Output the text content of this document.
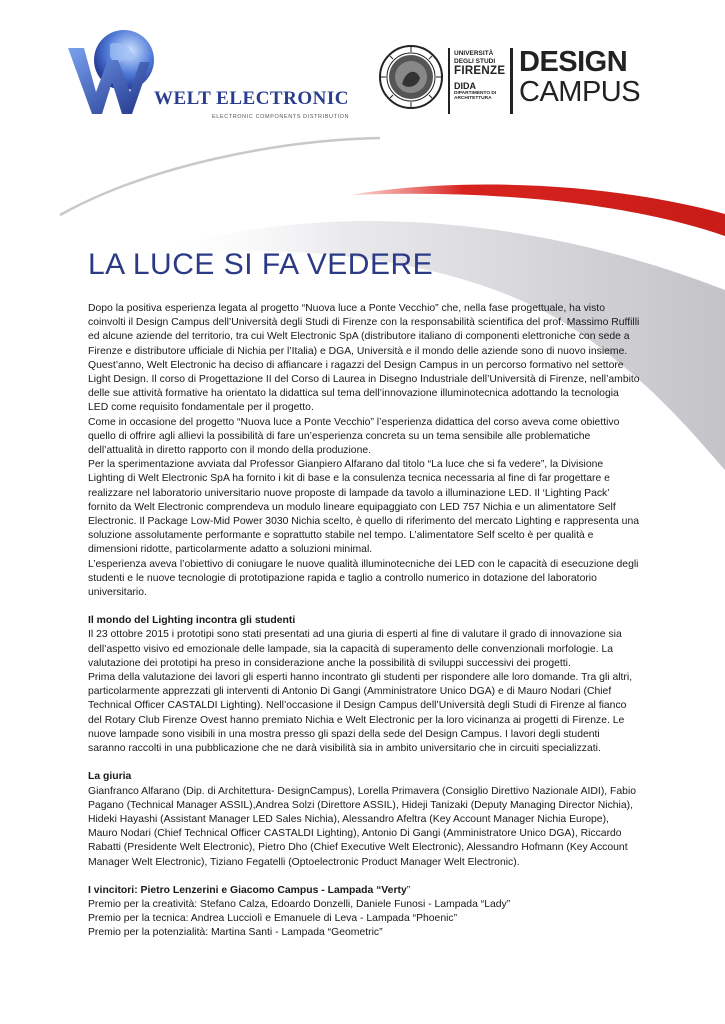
WELT ELECTRONIC
ELECTRONIC COMPONENTS DISTRIBUTION
UNIVERSITÀ
DEGLI STUDI
FIRENZE
DIDA
DIPARTIMENTO DI
ARCHITETTURA
DESIGN
CAMPUS
LA LUCE SI FA VEDERE

Dopo la positiva esperienza legata al progetto “Nuova luce a Ponte Vecchio” che, nella fase progettuale, ha visto coinvolti il Design Campus dell’Università degli Studi di Firenze con la responsabilità scientifica del prof. Massimo Ruffilli ed alcune aziende del territorio, tra cui Welt Electronic SpA (distributore italiano di componenti elettroniche con sede a Firenze e distributore ufficiale di Nichia per l’Italia) e DGA, Università e il mondo delle aziende sono di nuovo insieme.

Quest’anno, Welt Electronic ha deciso di affiancare i ragazzi del Design Campus in un percorso formativo nel settore Light Design. Il corso di Progettazione II del Corso di Laurea in Disegno Industriale dell’Università di Firenze, nell’ambito delle sue attività formative ha orientato la didattica sul tema dell’innovazione illuminotecnica adottando la tecnologia LED come requisito fondamentale per il progetto.

Come in occasione del progetto “Nuova luce a Ponte Vecchio” l’esperienza didattica del corso aveva come obiettivo quello di offrire agli allievi la possibilità di fare un’esperienza concreta su un tema sensibile alle problematiche dell’attualità in diretto rapporto con il mondo della produzione.

Per la sperimentazione avviata dal Professor Gianpiero Alfarano dal titolo “La luce che si fa vedere”, la Divisione Lighting di Welt Electronic SpA ha fornito i kit di base e la consulenza tecnica necessaria al fine di far progettare e realizzare nel laboratorio universitario nuove proposte di lampade da tavolo a illuminazione LED. Il ‘Lighting Pack’ fornito da Welt Electronic comprendeva un modulo lineare equipaggiato con LED 757 Nichia e un alimentatore Self Electronic. Il Package Low-Mid Power 3030 Nichia scelto, è quello di riferimento del mercato Lighting e rappresenta una soluzione assolutamente performante e soprattutto stabile nel tempo. L’alimentatore Self scelto è per qualità e dimensioni ridotte, particolarmente adatto a soluzioni minimal.

L’esperienza aveva l’obiettivo di coniugare le nuove qualità illuminotecniche dei LED con le capacità di esecuzione degli studenti e le nuove tecnologie di prototipazione rapida e taglio a controllo numerico in dotazione del laboratorio universitario.

Il mondo del Lighting incontra gli studenti

Il 23 ottobre 2015 i prototipi sono stati presentati ad una giuria di esperti al fine di valutare il grado di innovazione sia dell’aspetto visivo ed emozionale delle lampade, sia la capacità di superamento delle convenzionali morfologie. La valutazione dei prototipi ha preso in considerazione anche la possibilità di sviluppi successivi dei progetti.

Prima della valutazione dei lavori gli esperti hanno incontrato gli studenti per rispondere alle loro domande. Tra gli altri, particolarmente apprezzati gli interventi di Antonio Di Gangi (Amministratore Unico DGA) e di Mauro Nodari (Chief Technical Officer CASTALDI Lighting). Nell’occasione il Design Campus dell’Università degli Studi di Firenze al fianco del Rotary Club Firenze Ovest hanno premiato Nichia e Welt Electronic per la loro vicinanza ai progetti di Firenze. Le nuove lampade sono visibili in una mostra presso gli spazi della sede del Design Campus. I lavori degli studenti saranno raccolti in una pubblicazione che ne darà visibilità sia in ambito universitario che in circuiti specializzati.

La giuria

Gianfranco Alfarano (Dip. di Architettura- DesignCampus), Lorella Primavera (Consiglio Direttivo Nazionale AIDI), Fabio Pagano (Technical Manager ASSIL),Andrea Solzi (Direttore ASSIL), Hideji Tanizaki (Deputy Managing Director Nichia), Hideki Hayashi (Assistant Manager LED Sales Nichia), Alessandro Afeltra (Key Account Manager Nichia Europe), Mauro Nodari (Chief Technical Officer CASTALDI Lighting), Antonio Di Gangi (Amministratore Unico DGA), Riccardo Rabatti (Presidente Welt Electronic), Pietro Dho (Chief Executive Welt Electronic), Alessandro Hofmann (Key Account Manager Welt Electronic), Tiziano Fegatelli (Optoelectronic Product Manager Welt Electronic).

I vincitori: Pietro Lenzerini e Giacomo Campus - Lampada “Verty”

Premio per la creatività: Stefano Calza, Edoardo Donzelli, Daniele Funosi - Lampada “Lady”

Premio per la tecnica: Andrea Lucciolì e Emanuele di Leva - Lampada “Phoenic”

Premio per la potenzialità: Martina Santi - Lampada “Geometric”
